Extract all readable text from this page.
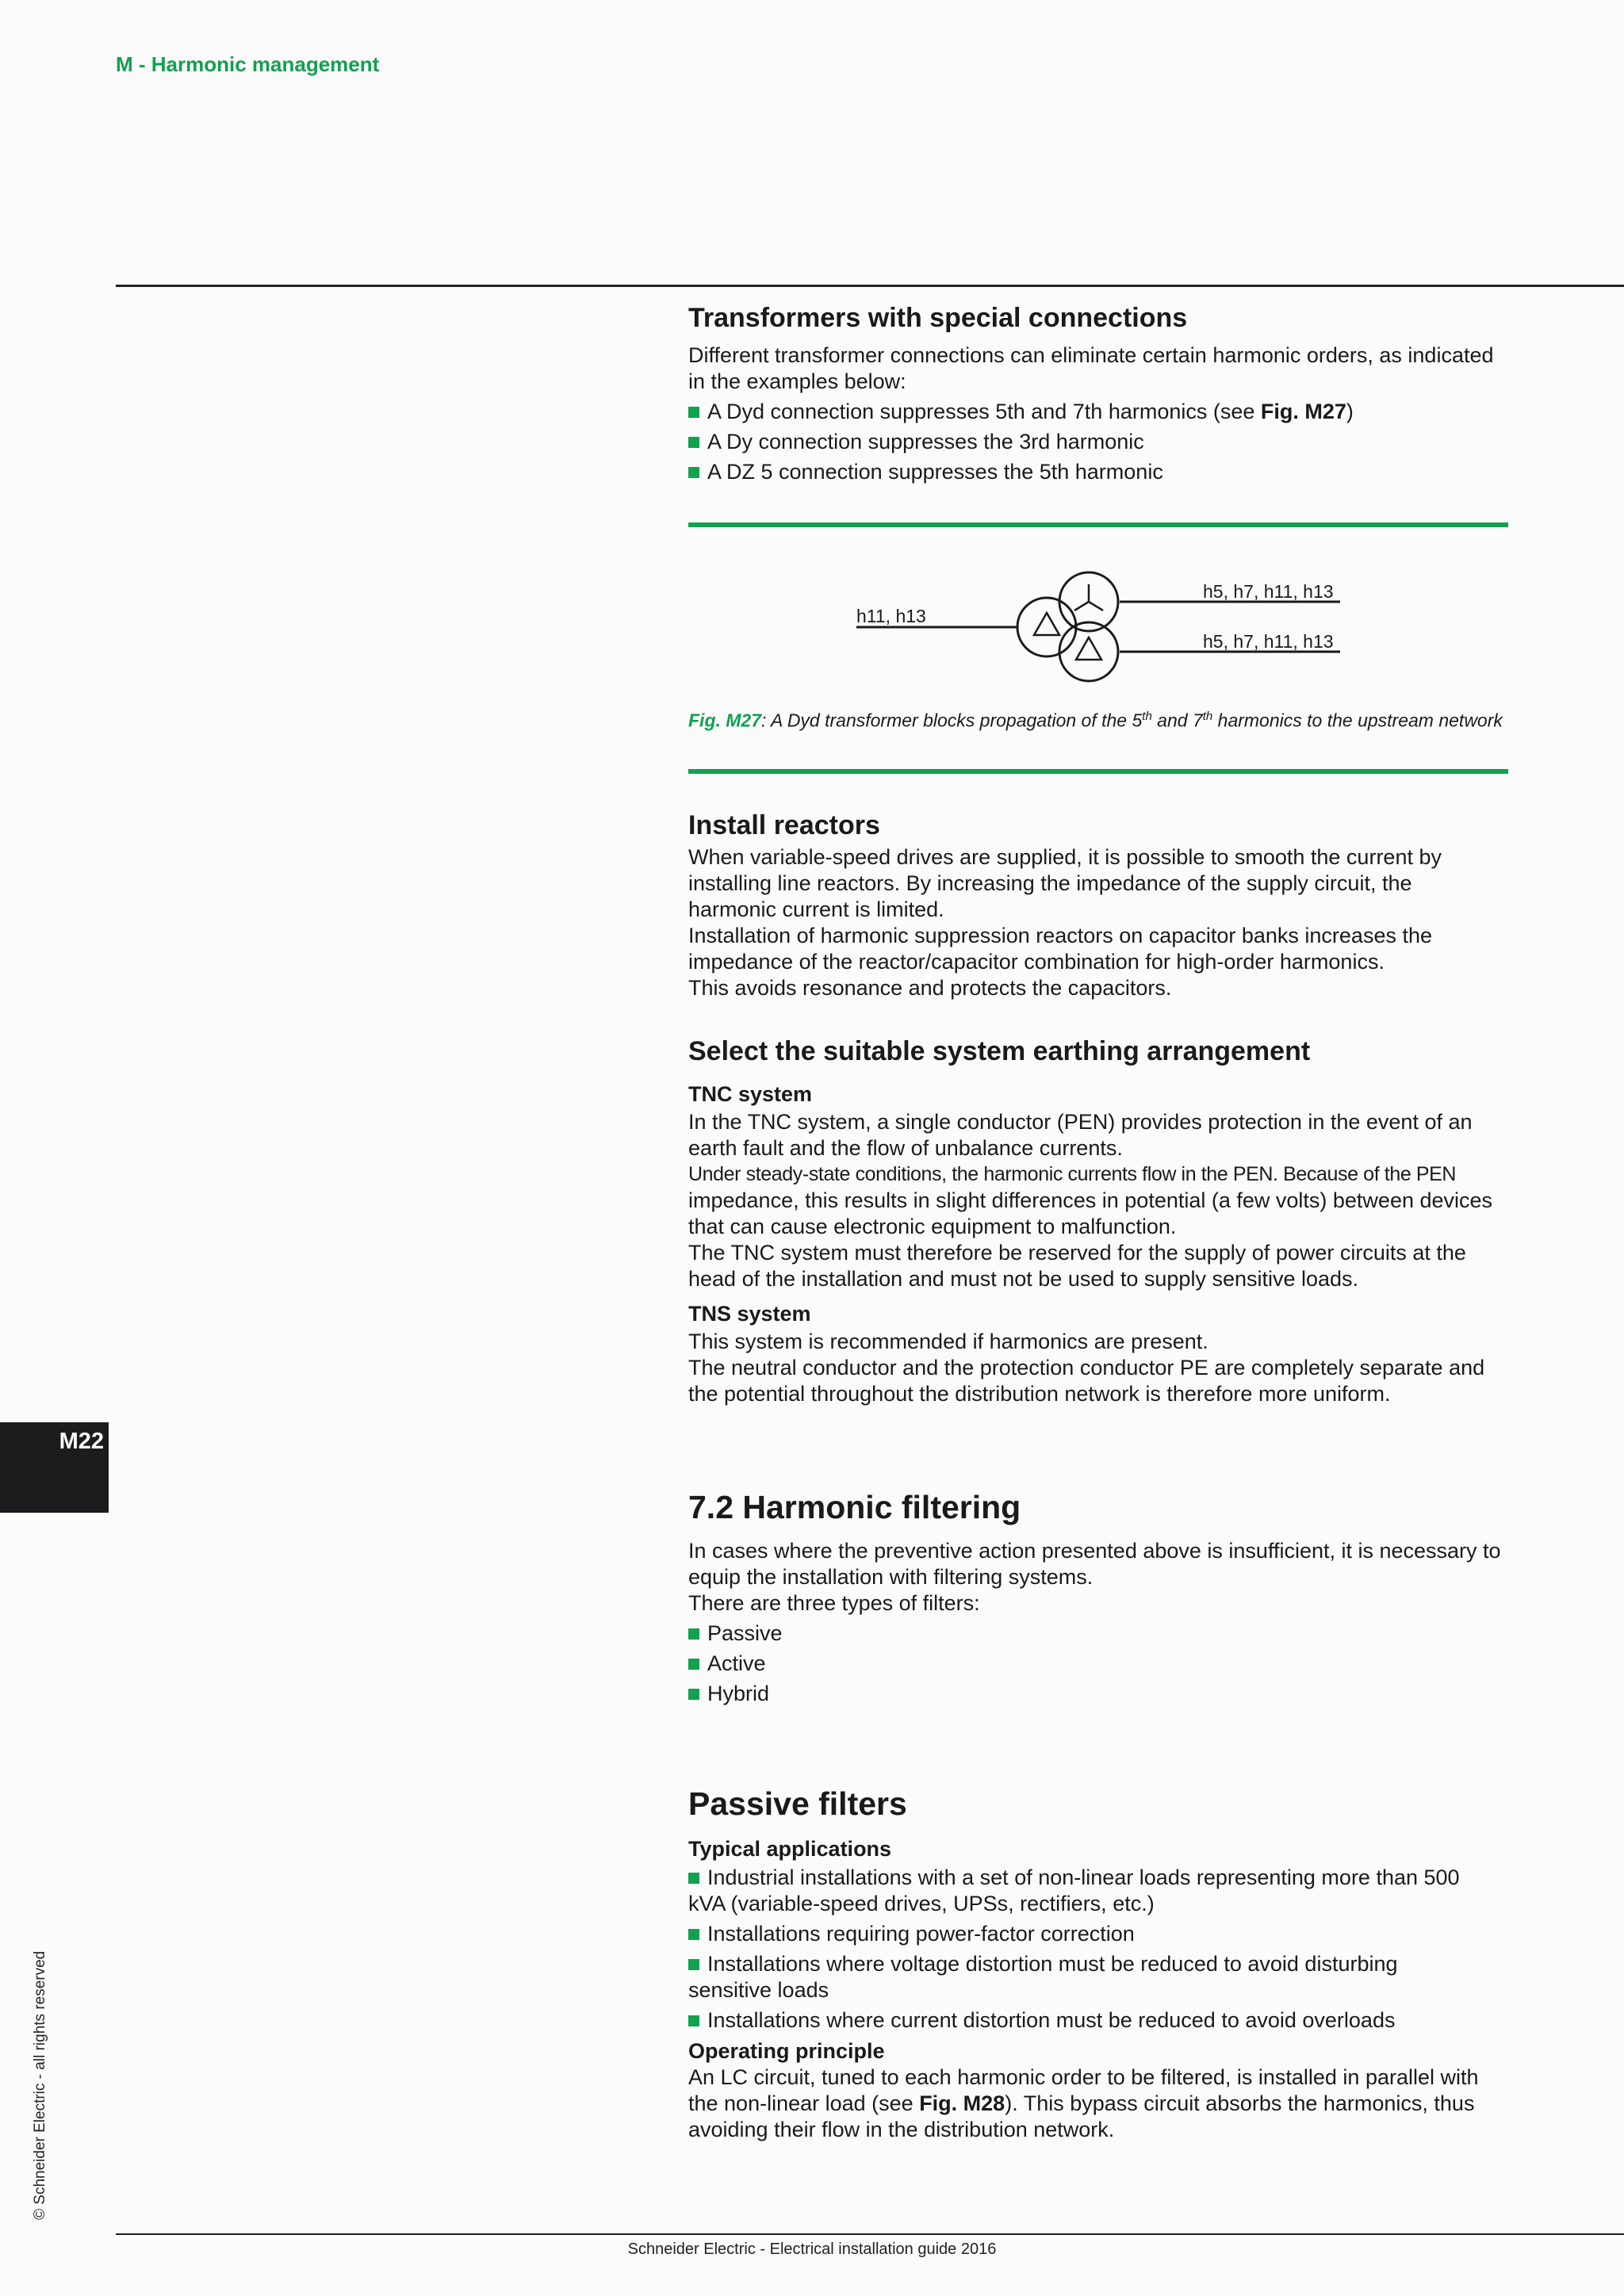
M - Harmonic management
M22
© Schneider Electric - all rights reserved
Schneider Electric - Electrical installation guide 2016
Transformers with special connections

Different transformer connections can eliminate certain harmonic orders, as indicated in the examples below:

A Dyd connection suppresses 5th and 7th harmonics (see Fig. M27)
A Dy connection suppresses the 3rd harmonic
A DZ 5 connection suppresses the 5th harmonic
h11, h13
h5, h7, h11, h13
h5, h7, h11, h13
Fig. M27: A Dyd transformer blocks propagation of the 5th and 7th harmonics to the upstream network
Install reactors

When variable-speed drives are supplied, it is possible to smooth the current by installing line reactors. By increasing the impedance of the supply circuit, the harmonic current is limited.

Installation of harmonic suppression reactors on capacitor banks increases the impedance of the reactor/capacitor combination for high-order harmonics.

This avoids resonance and protects the capacitors.

Select the suitable system earthing arrangement
TNC system

In the TNC system, a single conductor (PEN) provides protection in the event of an earth fault and the flow of unbalance currents.

Under steady-state conditions, the harmonic currents flow in the PEN. Because of the PEN

impedance, this results in slight differences in potential (a few volts) between devices that can cause electronic equipment to malfunction.

The TNC system must therefore be reserved for the supply of power circuits at the head of the installation and must not be used to supply sensitive loads.

TNS system

This system is recommended if harmonics are present.

The neutral conductor and the protection conductor PE are completely separate and the potential throughout the distribution network is therefore more uniform.

7.2 Harmonic filtering

In cases where the preventive action presented above is insufficient, it is necessary to equip the installation with filtering systems.

There are three types of filters:

Passive
Active
Hybrid
Passive filters
Typical applications
Industrial installations with a set of non-linear loads representing more than 500 kVA (variable-speed drives, UPSs, rectifiers, etc.)
Installations requiring power-factor correction
Installations where voltage distortion must be reduced to avoid disturbing sensitive loads
Installations where current distortion must be reduced to avoid overloads
Operating principle

An LC circuit, tuned to each harmonic order to be filtered, is installed in parallel with the non-linear load (see Fig. M28). This bypass circuit absorbs the harmonics, thus avoiding their flow in the distribution network.
